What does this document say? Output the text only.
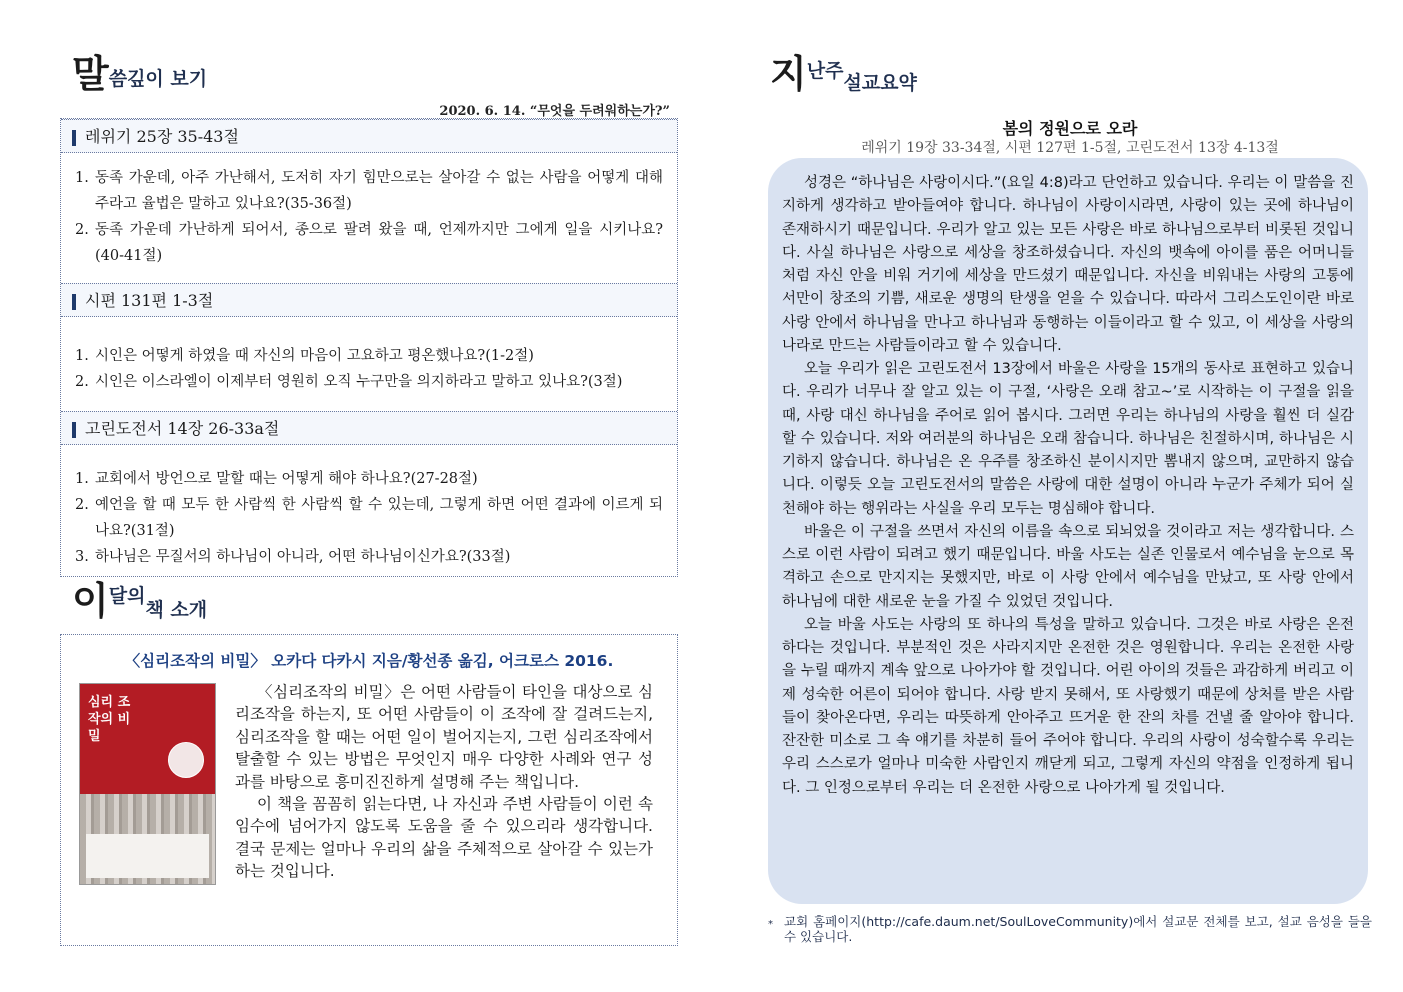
말 씀깊이 보기
2020. 6. 14. “무엇을 두려워하는가?”
레위기 25장 35-43절
1. 동족 가운데, 아주 가난해서, 도저히 자기 힘만으로는 살아갈 수 없는 사람을 어떻게 대해주라고 율법은 말하고 있나요?(35-36절)
2. 동족 가운데 가난하게 되어서, 종으로 팔려 왔을 때, 언제까지만 그에게 일을 시키나요?(40-41절)
시편 131편 1-3절
1. 시인은 어떻게 하였을 때 자신의 마음이 고요하고 평온했나요?(1-2절)
2. 시인은 이스라엘이 이제부터 영원히 오직 누구만을 의지하라고 말하고 있나요?(3절)
고린도전서 14장 26-33a절
1. 교회에서 방언으로 말할 때는 어떻게 해야 하나요?(27-28절)
2. 예언을 할 때 모두 한 사람씩 한 사람씩 할 수 있는데, 그렇게 하면 어떤 결과에 이르게 되나요?(31절)
3. 하나님은 무질서의 하나님이 아니라, 어떤 하나님이신가요?(33절)
이 달의
책 소개
〈심리조작의 비밀〉 오카다 다카시 지음/황선종 옮김, 어크로스 2016.
심리 조작의 비밀

〈심리조작의 비밀〉은 어떤 사람들이 타인을 대상으로 심리조작을 하는지, 또 어떤 사람들이 이 조작에 잘 걸려드는지, 심리조작을 할 때는 어떤 일이 벌어지는지, 그런 심리조작에서 탈출할 수 있는 방법은 무엇인지 매우 다양한 사례와 연구 성과를 바탕으로 흥미진진하게 설명해 주는 책입니다.

이 책을 꼼꼼히 읽는다면, 나 자신과 주변 사람들이 이런 속임수에 넘어가지 않도록 도움을 줄 수 있으리라 생각합니다. 결국 문제는 얼마나 우리의 삶을 주체적으로 살아갈 수 있는가 하는 것입니다.

지 난주
설교요약
봄의 정원으로 오라
레위기 19장 33-34절, 시편 127편 1-5절, 고린도전서 13장 4-13절

성경은 “하나님은 사랑이시다.”(요일 4:8)라고 단언하고 있습니다. 우리는 이 말씀을 진지하게 생각하고 받아들여야 합니다. 하나님이 사랑이시라면, 사랑이 있는 곳에 하나님이 존재하시기 때문입니다. 우리가 알고 있는 모든 사랑은 바로 하나님으로부터 비롯된 것입니다. 사실 하나님은 사랑으로 세상을 창조하셨습니다. 자신의 뱃속에 아이를 품은 어머니들처럼 자신 안을 비워 거기에 세상을 만드셨기 때문입니다. 자신을 비워내는 사랑의 고통에서만이 창조의 기쁨, 새로운 생명의 탄생을 얻을 수 있습니다. 따라서 그리스도인이란 바로 사랑 안에서 하나님을 만나고 하나님과 동행하는 이들이라고 할 수 있고, 이 세상을 사랑의 나라로 만드는 사람들이라고 할 수 있습니다.

오늘 우리가 읽은 고린도전서 13장에서 바울은 사랑을 15개의 동사로 표현하고 있습니다. 우리가 너무나 잘 알고 있는 이 구절, ‘사랑은 오래 참고~’로 시작하는 이 구절을 읽을 때, 사랑 대신 하나님을 주어로 읽어 봅시다. 그러면 우리는 하나님의 사랑을 훨씬 더 실감할 수 있습니다. 저와 여러분의 하나님은 오래 참습니다. 하나님은 친절하시며, 하나님은 시기하지 않습니다. 하나님은 온 우주를 창조하신 분이시지만 뽐내지 않으며, 교만하지 않습니다. 이렇듯 오늘 고린도전서의 말씀은 사랑에 대한 설명이 아니라 누군가 주체가 되어 실천해야 하는 행위라는 사실을 우리 모두는 명심해야 합니다.

바울은 이 구절을 쓰면서 자신의 이름을 속으로 되뇌었을 것이라고 저는 생각합니다. 스스로 이런 사람이 되려고 했기 때문입니다. 바울 사도는 실존 인물로서 예수님을 눈으로 목격하고 손으로 만지지는 못했지만, 바로 이 사랑 안에서 예수님을 만났고, 또 사랑 안에서 하나님에 대한 새로운 눈을 가질 수 있었던 것입니다.

오늘 바울 사도는 사랑의 또 하나의 특성을 말하고 있습니다. 그것은 바로 사랑은 온전하다는 것입니다. 부분적인 것은 사라지지만 온전한 것은 영원합니다. 우리는 온전한 사랑을 누릴 때까지 계속 앞으로 나아가야 할 것입니다. 어린 아이의 것들은 과감하게 버리고 이제 성숙한 어른이 되어야 합니다. 사랑 받지 못해서, 또 사랑했기 때문에 상처를 받은 사람들이 찾아온다면, 우리는 따뜻하게 안아주고 뜨거운 한 잔의 차를 건낼 줄 알아야 합니다. 잔잔한 미소로 그 속 얘기를 차분히 들어 주어야 합니다. 우리의 사랑이 성숙할수록 우리는 우리 스스로가 얼마나 미숙한 사람인지 깨닫게 되고, 그렇게 자신의 약점을 인정하게 됩니다. 그 인정으로부터 우리는 더 온전한 사랑으로 나아가게 될 것입니다.

* 교회 홈페이지(http://cafe.daum.net/SoulLoveCommunity)에서 설교문 전체를 보고, 설교 음성을 들을 수 있습니다.
